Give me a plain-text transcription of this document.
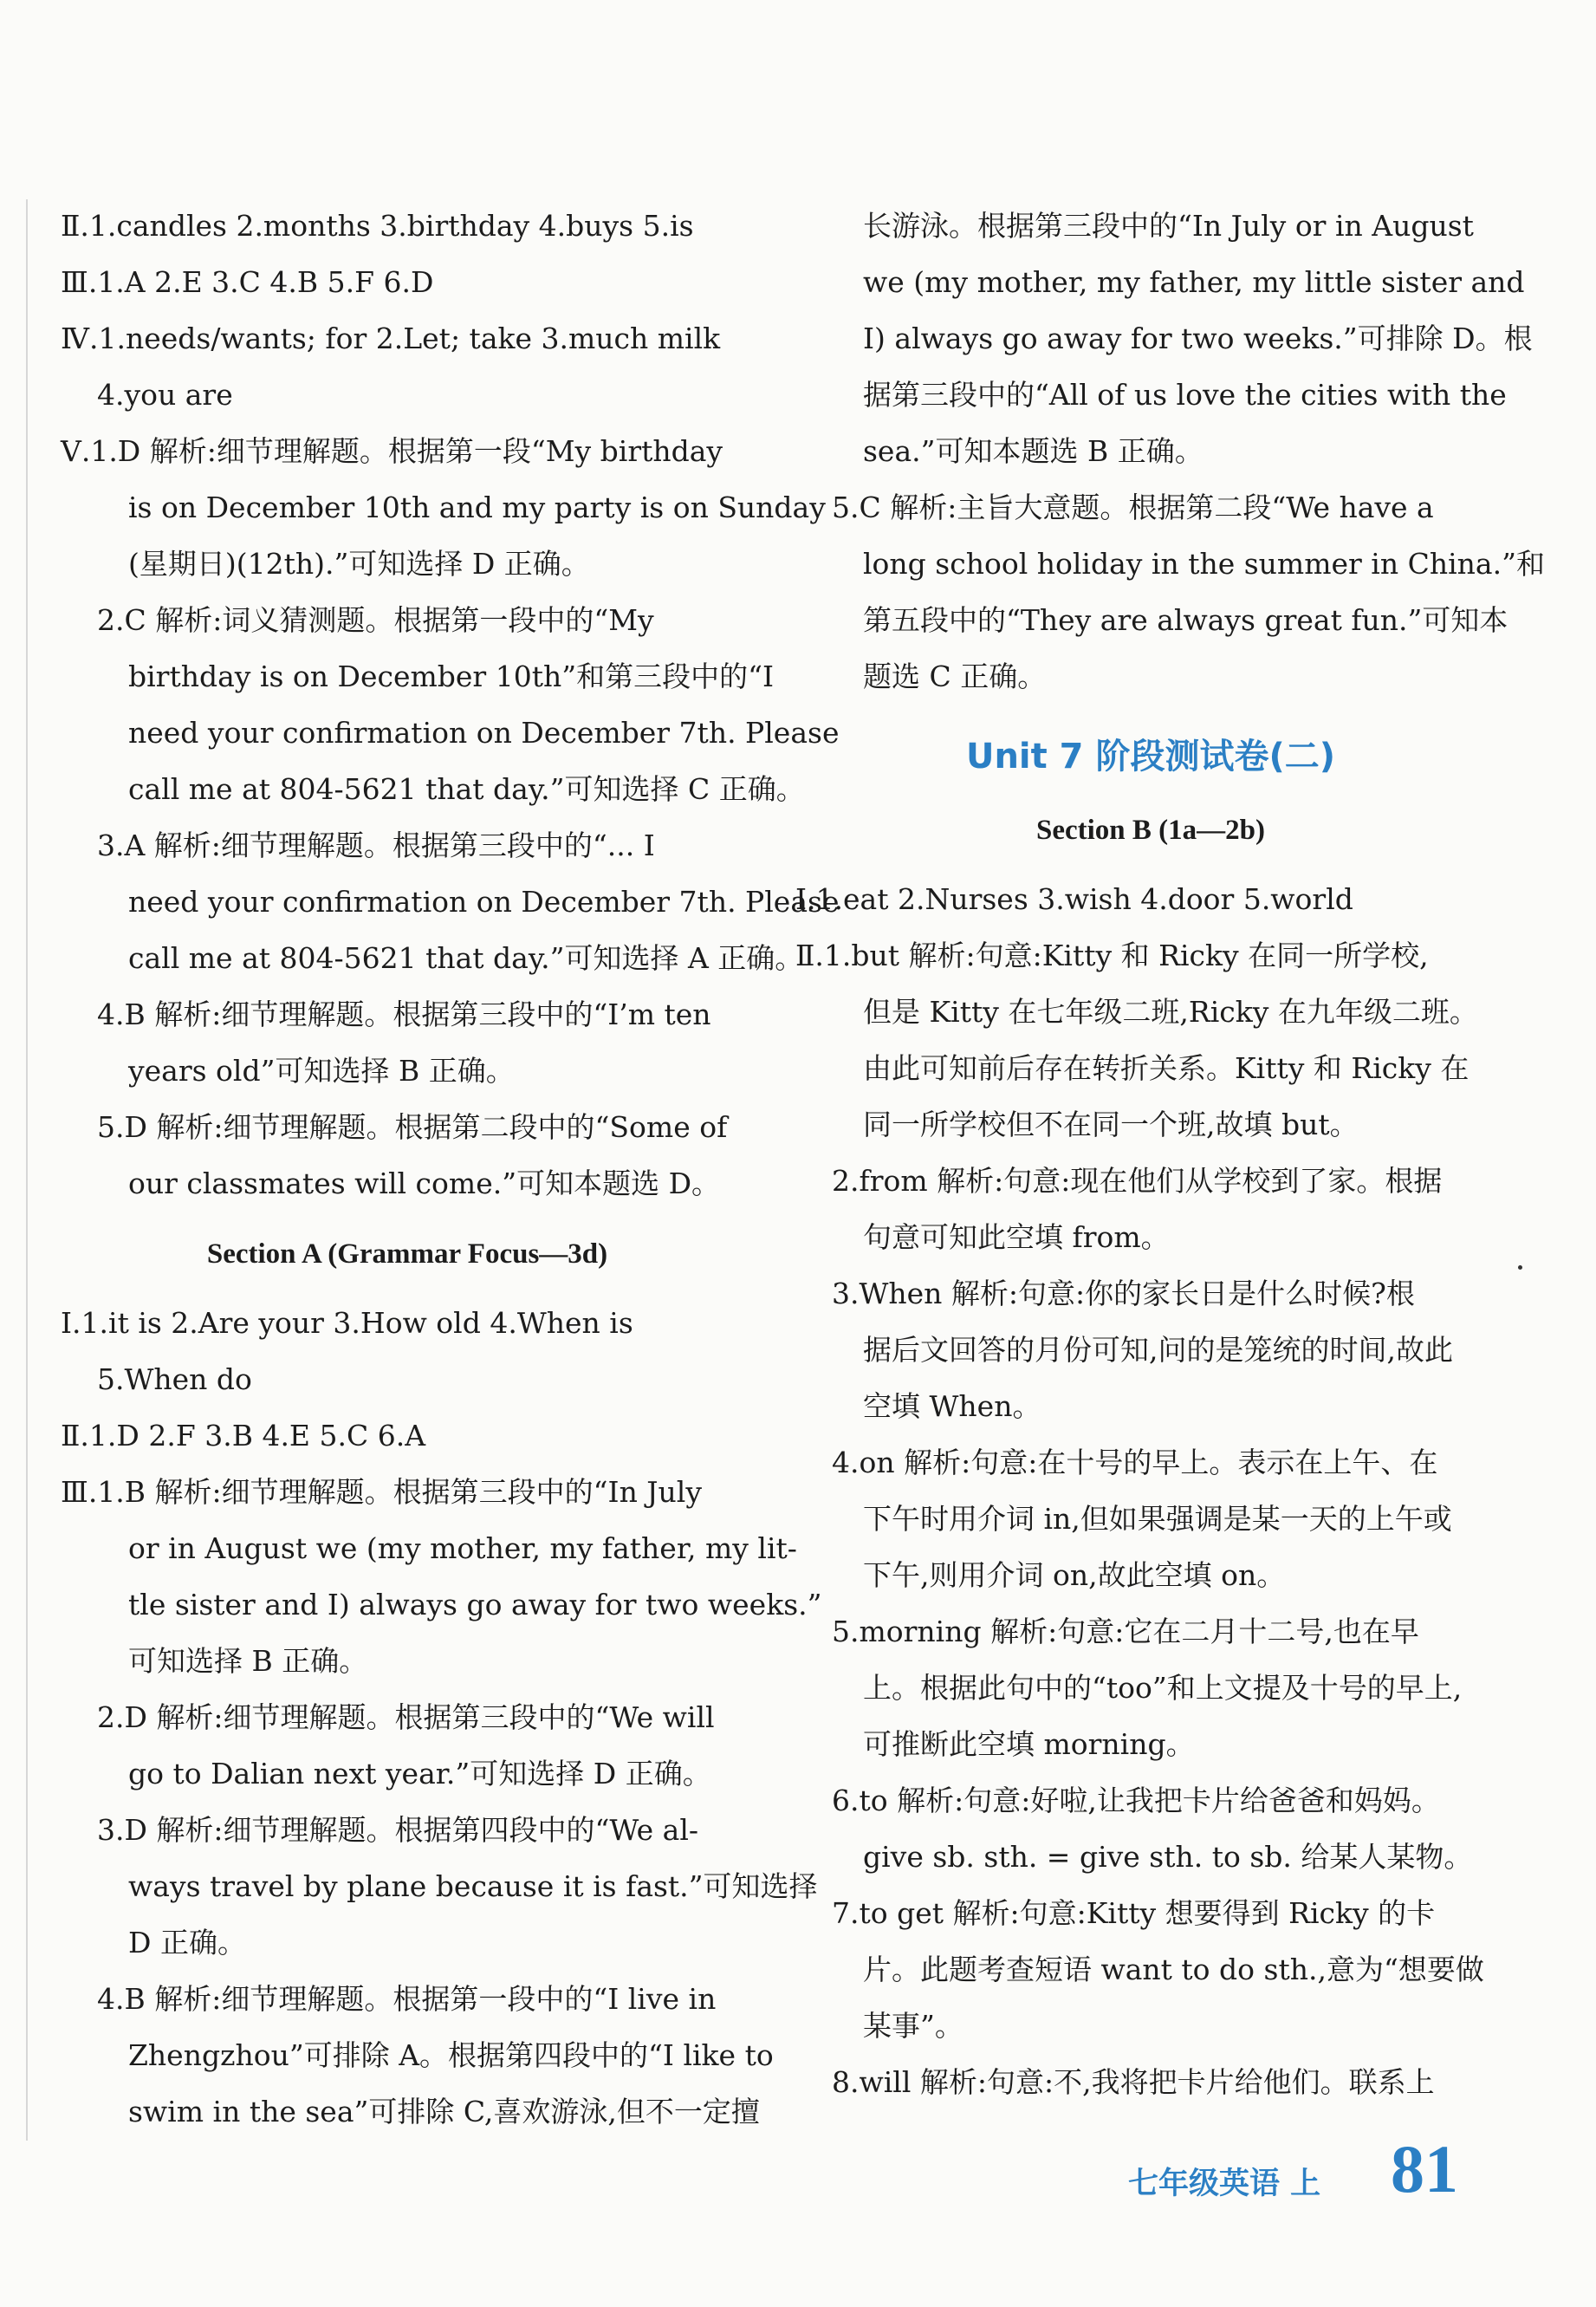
Ⅱ.1.candles 2.months 3.birthday 4.buys 5.is
Ⅲ.1.A 2.E 3.C 4.B 5.F 6.D
Ⅳ.1.needs/wants; for 2.Let; take 3.much milk
4.you are
Ⅴ.1.D 解析:细节理解题。根据第一段“My birthday
is on December 10th and my party is on Sunday
(星期日)(12th).”可知选择 D 正确。
2.C 解析:词义猜测题。根据第一段中的“My
birthday is on December 10th”和第三段中的“I
need your confirmation on December 7th. Please
call me at 804-5621 that day.”可知选择 C 正确。
3.A 解析:细节理解题。根据第三段中的“... I
need your confirmation on December 7th. Please
call me at 804-5621 that day.”可知选择 A 正确。
4.B 解析:细节理解题。根据第三段中的“I’m ten
years old”可知选择 B 正确。
5.D 解析:细节理解题。根据第二段中的“Some of
our classmates will come.”可知本题选 D。
Section A (Grammar Focus—3d)
Ⅰ.1.it is 2.Are your 3.How old 4.When is
5.When do
Ⅱ.1.D 2.F 3.B 4.E 5.C 6.A
Ⅲ.1.B 解析:细节理解题。根据第三段中的“In July
or in August we (my mother, my father, my lit-
tle sister and I) always go away for two weeks.”
可知选择 B 正确。
2.D 解析:细节理解题。根据第三段中的“We will
go to Dalian next year.”可知选择 D 正确。
3.D 解析:细节理解题。根据第四段中的“We al-
ways travel by plane because it is fast.”可知选择
D 正确。
4.B 解析:细节理解题。根据第一段中的“I live in
Zhengzhou”可排除 A。根据第四段中的“I like to
swim in the sea”可排除 C,喜欢游泳,但不一定擅
长游泳。根据第三段中的“In July or in August
we (my mother, my father, my little sister and
I) always go away for two weeks.”可排除 D。根
据第三段中的“All of us love the cities with the
sea.”可知本题选 B 正确。
5.C 解析:主旨大意题。根据第二段“We have a
long school holiday in the summer in China.”和
第五段中的“They are always great fun.”可知本
题选 C 正确。
Unit 7 阶段测试卷(二)
Section B (1a—2b)
Ⅰ.1.eat 2.Nurses 3.wish 4.door 5.world
Ⅱ.1.but 解析:句意:Kitty 和 Ricky 在同一所学校,
但是 Kitty 在七年级二班,Ricky 在九年级二班。
由此可知前后存在转折关系。Kitty 和 Ricky 在
同一所学校但不在同一个班,故填 but。
2.from 解析:句意:现在他们从学校到了家。根据
句意可知此空填 from。
3.When 解析:句意:你的家长日是什么时候?根
据后文回答的月份可知,问的是笼统的时间,故此
空填 When。
4.on 解析:句意:在十号的早上。表示在上午、在
下午时用介词 in,但如果强调是某一天的上午或
下午,则用介词 on,故此空填 on。
5.morning 解析:句意:它在二月十二号,也在早
上。根据此句中的“too”和上文提及十号的早上,
可推断此空填 morning。
6.to 解析:句意:好啦,让我把卡片给爸爸和妈妈。
give sb. sth. = give sth. to sb. 给某人某物。
7.to get 解析:句意:Kitty 想要得到 Ricky 的卡
片。此题考查短语 want to do sth.,意为“想要做
某事”。
8.will 解析:句意:不,我将把卡片给他们。联系上
七年级英语 上 81
